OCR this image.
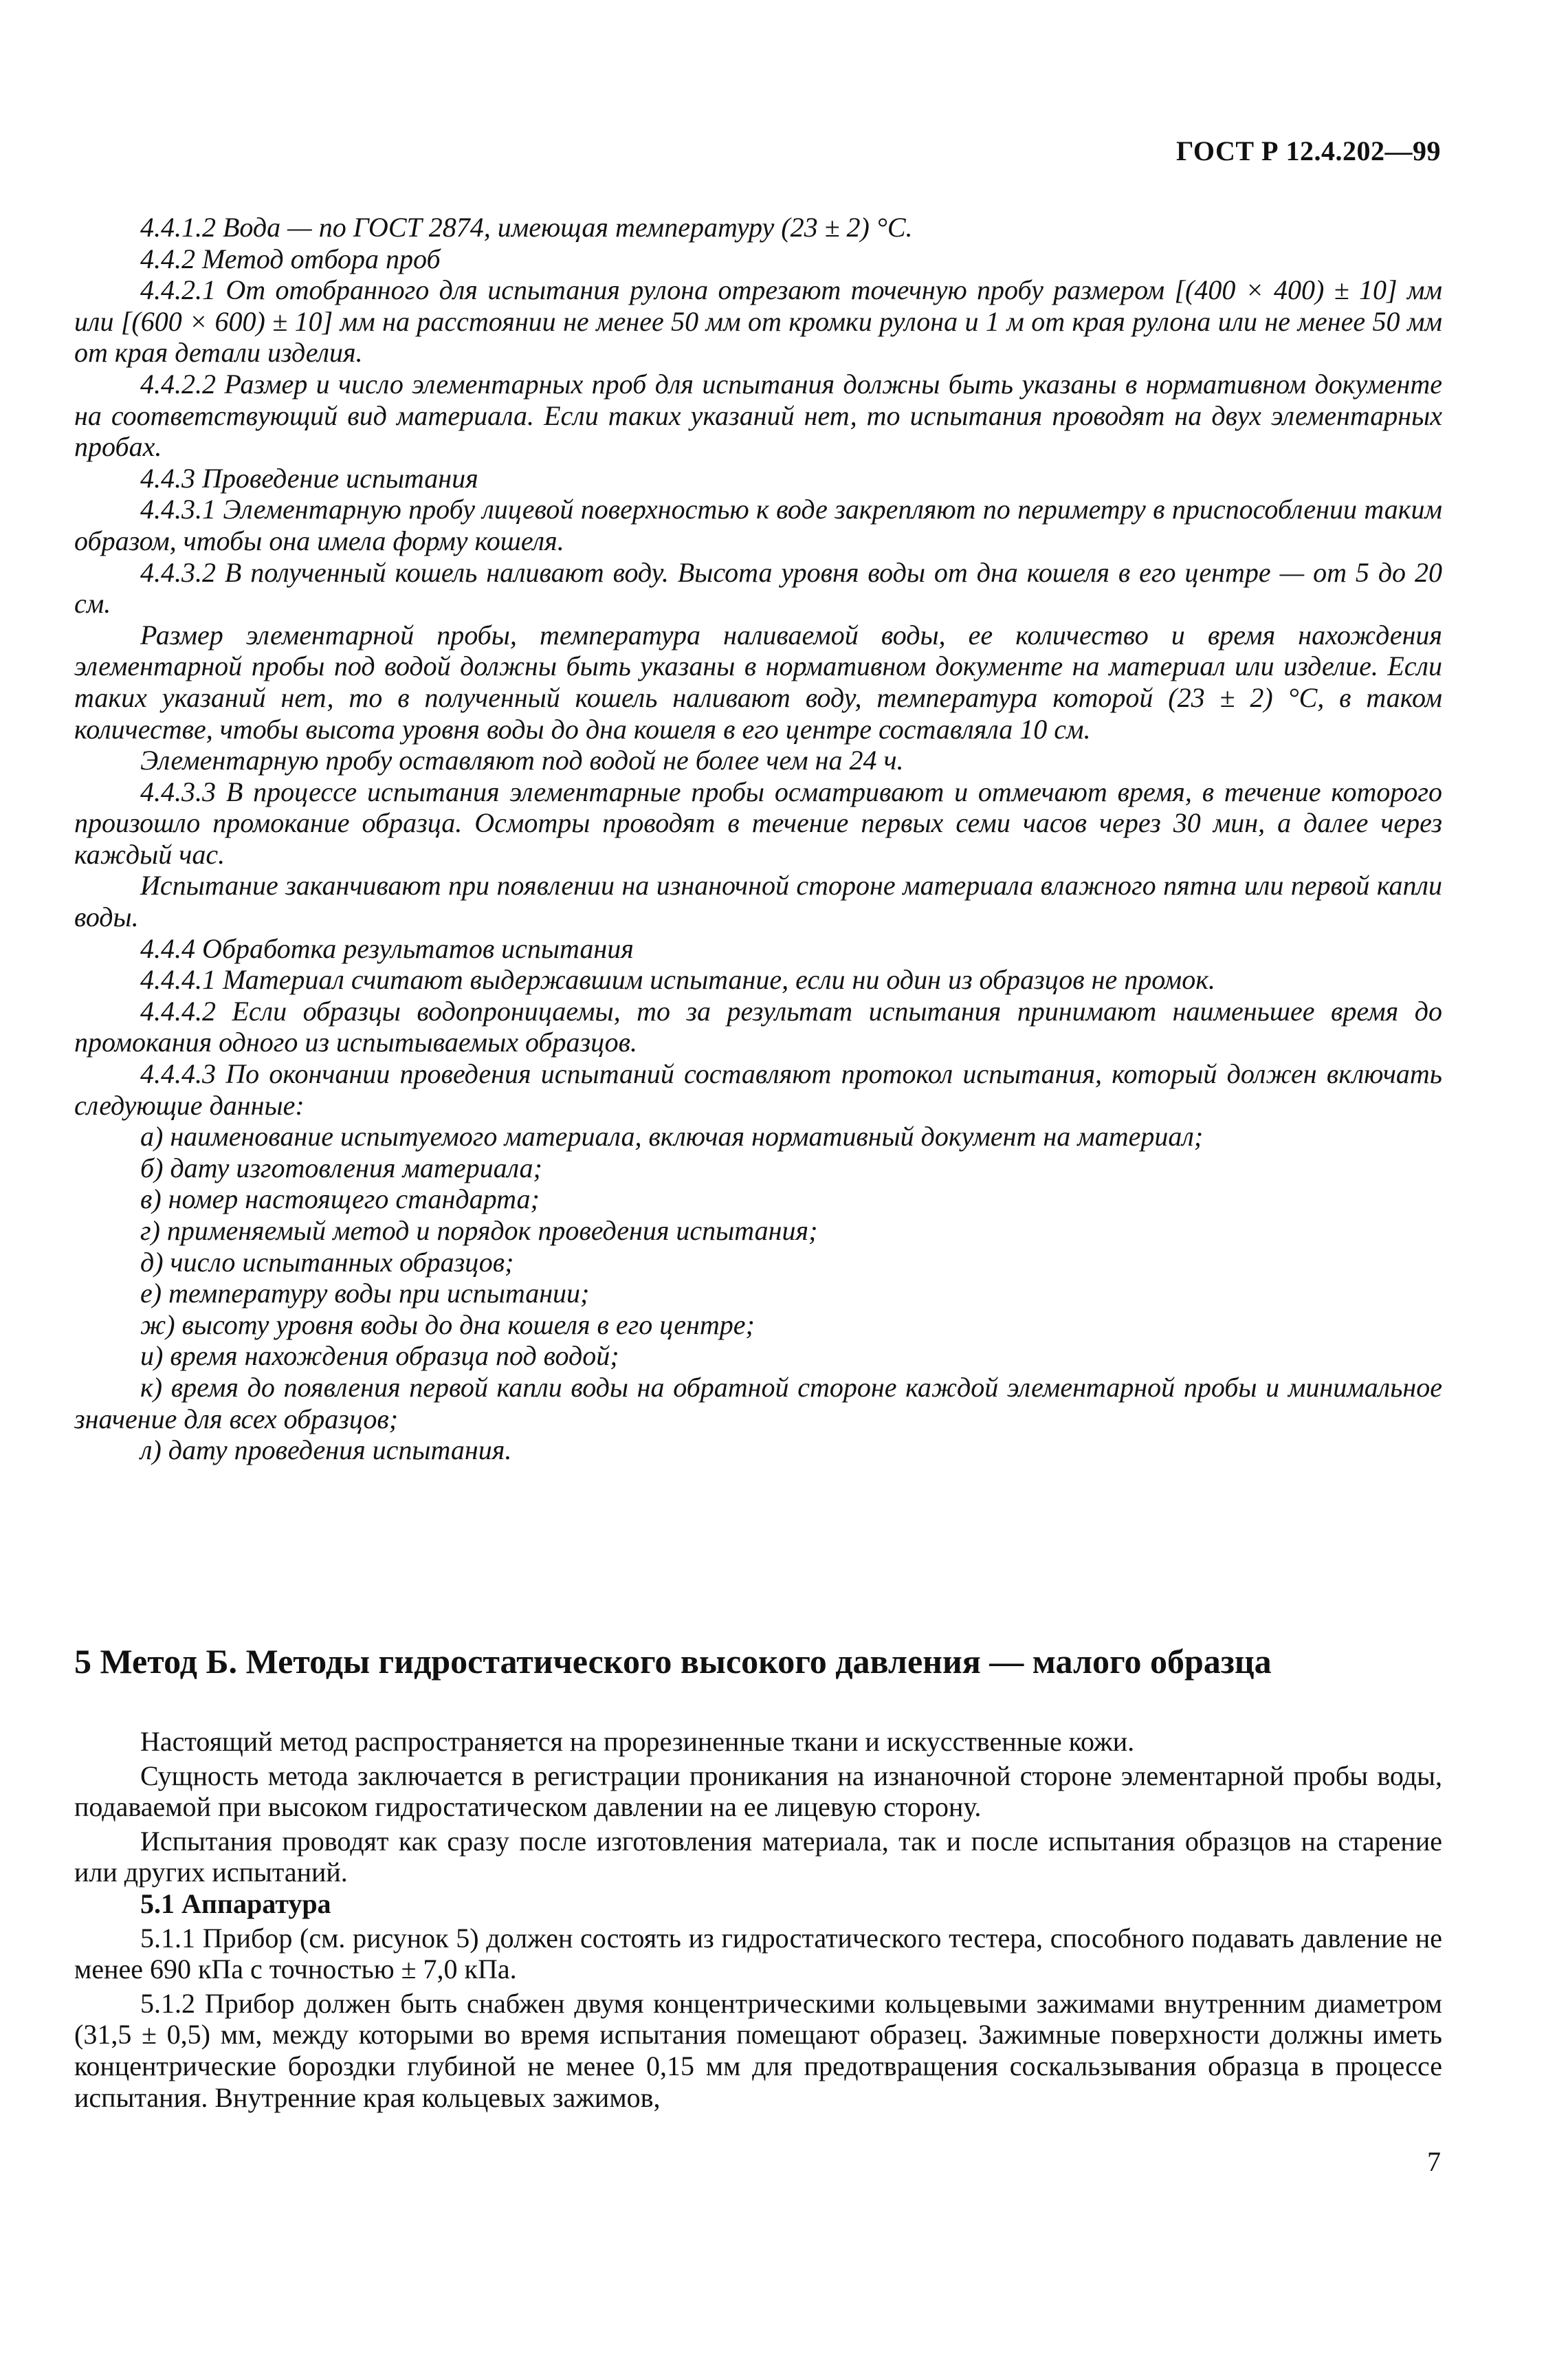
ГОСТ Р 12.4.202—99

4.4.1.2 Вода — по ГОСТ 2874, имеющая температуру (23 ± 2) °С.

4.4.2 Метод отбора проб

4.4.2.1 От отобранного для испытания рулона отрезают точечную пробу размером [(400 × 400) ± 10] мм или [(600 × 600) ± 10] мм на расстоянии не менее 50 мм от кромки рулона и 1 м от края рулона или не менее 50 мм от края детали изделия.

4.4.2.2 Размер и число элементарных проб для испытания должны быть указаны в нормативном документе на соответствующий вид материала. Если таких указаний нет, то испытания проводят на двух элементарных пробах.

4.4.3 Проведение испытания

4.4.3.1 Элементарную пробу лицевой поверхностью к воде закрепляют по периметру в приспособлении таким образом, чтобы она имела форму кошеля.

4.4.3.2 В полученный кошель наливают воду. Высота уровня воды от дна кошеля в его центре — от 5 до 20 см.

Размер элементарной пробы, температура наливаемой воды, ее количество и время нахождения элементарной пробы под водой должны быть указаны в нормативном документе на материал или изделие. Если таких указаний нет, то в полученный кошель наливают воду, температура которой (23 ± 2) °С, в таком количестве, чтобы высота уровня воды до дна кошеля в его центре составляла 10 см.

Элементарную пробу оставляют под водой не более чем на 24 ч.

4.4.3.3 В процессе испытания элементарные пробы осматривают и отмечают время, в течение которого произошло промокание образца. Осмотры проводят в течение первых семи часов через 30 мин, а далее через каждый час.

Испытание заканчивают при появлении на изнаночной стороне материала влажного пятна или первой капли воды.

4.4.4 Обработка результатов испытания

4.4.4.1 Материал считают выдержавшим испытание, если ни один из образцов не промок.

4.4.4.2 Если образцы водопроницаемы, то за результат испытания принимают наименьшее время до промокания одного из испытываемых образцов.

4.4.4.3 По окончании проведения испытаний составляют протокол испытания, который должен включать следующие данные:

а) наименование испытуемого материала, включая нормативный документ на материал;

б) дату изготовления материала;

в) номер настоящего стандарта;

г) применяемый метод и порядок проведения испытания;

д) число испытанных образцов;

е) температуру воды при испытании;

ж) высоту уровня воды до дна кошеля в его центре;

и) время нахождения образца под водой;

к) время до появления первой капли воды на обратной стороне каждой элементарной пробы и минимальное значение для всех образцов;

л) дату проведения испытания.

5 Метод Б. Методы гидростатического высокого давления — малого образца

Настоящий метод распространяется на прорезиненные ткани и искусственные кожи.

Сущность метода заключается в регистрации проникания на изнаночной стороне элементарной пробы воды, подаваемой при высоком гидростатическом давлении на ее лицевую сторону.

Испытания проводят как сразу после изготовления материала, так и после испытания образцов на старение или других испытаний.

5.1 Аппаратура

5.1.1 Прибор (см. рисунок 5) должен состоять из гидростатического тестера, способного подавать давление не менее 690 кПа с точностью ± 7,0 кПа.

5.1.2 Прибор должен быть снабжен двумя концентрическими кольцевыми зажимами внутренним диаметром (31,5 ± 0,5) мм, между которыми во время испытания помещают образец. Зажимные поверхности должны иметь концентрические бороздки глубиной не менее 0,15 мм для предотвращения соскальзывания образца в процессе испытания. Внутренние края кольцевых зажимов,

7
